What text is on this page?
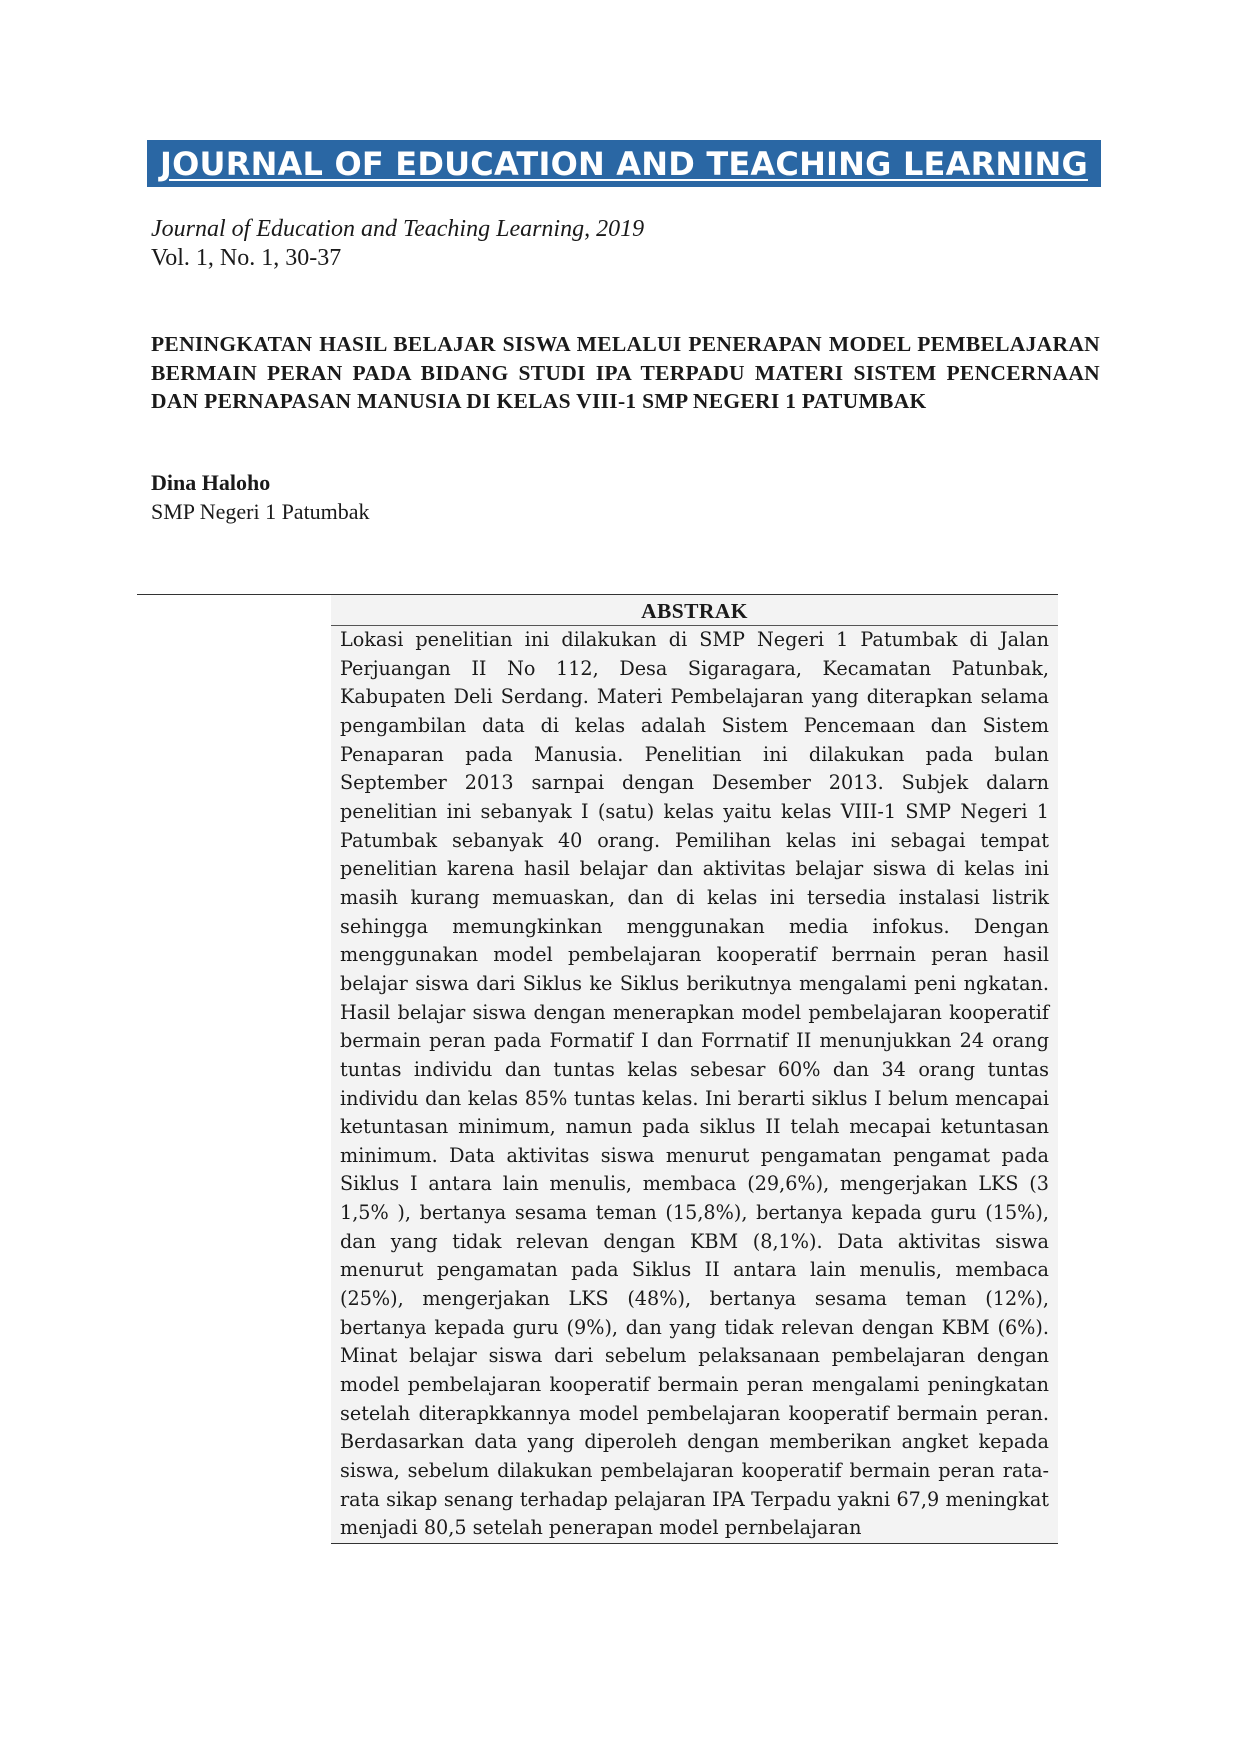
JOURNAL OF EDUCATION AND TEACHING LEARNING
Journal of Education and Teaching Learning, 2019
Vol. 1, No. 1, 30-37
PENINGKATAN HASIL BELAJAR SISWA MELALUI PENERAPAN MODEL PEMBELAJARAN BERMAIN PERAN PADA BIDANG STUDI IPA TERPADU MATERI SISTEM PENCERNAAN DAN PERNAPASAN MANUSIA DI KELAS VIII-1 SMP NEGERI 1 PATUMBAK
Dina Haloho
SMP Negeri 1 Patumbak
ABSTRAK
Lokasi penelitian ini dilakukan di SMP Negeri 1 Patumbak di Jalan Perjuangan II No 112, Desa Sigaragara, Kecamatan Patunbak, Kabupaten Deli Serdang. Materi Pembelajaran yang diterapkan selama pengambilan data di kelas adalah Sistem Pencemaan dan Sistem Penaparan pada Manusia. Penelitian ini dilakukan pada bulan September 2013 sarnpai dengan Desember 2013. Subjek dalarn penelitian ini sebanyak I (satu) kelas yaitu kelas VIII-1 SMP Negeri 1 Patumbak sebanyak 40 orang. Pemilihan kelas ini sebagai tempat penelitian karena hasil belajar dan aktivitas belajar siswa di kelas ini masih kurang memuaskan, dan di kelas ini tersedia instalasi listrik sehingga memungkinkan menggunakan media infokus. Dengan menggunakan model pembelajaran kooperatif berrnain peran hasil belajar siswa dari Siklus ke Siklus berikutnya mengalami peni ngkatan. Hasil belajar siswa dengan menerapkan model pembelajaran kooperatif bermain peran pada Formatif I dan Forrnatif II menunjukkan 24 orang tuntas individu dan tuntas kelas sebesar 60% dan 34 orang tuntas individu dan kelas 85% tuntas kelas. Ini berarti siklus I belum mencapai ketuntasan minimum, namun pada siklus II telah mecapai ketuntasan minimum. Data aktivitas siswa menurut pengamatan pengamat pada Siklus I antara lain menulis, membaca (29,6%), mengerjakan LKS (3 1,5% ), bertanya sesama teman (15,8%), bertanya kepada guru (15%), dan yang tidak relevan dengan KBM (8,1%). Data aktivitas siswa menurut pengamatan pada Siklus II antara lain menulis, membaca (25%), mengerjakan LKS (48%), bertanya sesama teman (12%), bertanya kepada guru (9%), dan yang tidak relevan dengan KBM (6%). Minat belajar siswa dari sebelum pelaksanaan pembelajaran dengan model pembelajaran kooperatif bermain peran mengalami peningkatan setelah diterapkkannya model pembelajaran kooperatif bermain peran. Berdasarkan data yang diperoleh dengan memberikan angket kepada siswa, sebelum dilakukan pembelajaran kooperatif bermain peran rata-rata sikap senang terhadap pelajaran IPA Terpadu yakni 67,9 meningkat menjadi 80,5 setelah penerapan model pernbelajaran
